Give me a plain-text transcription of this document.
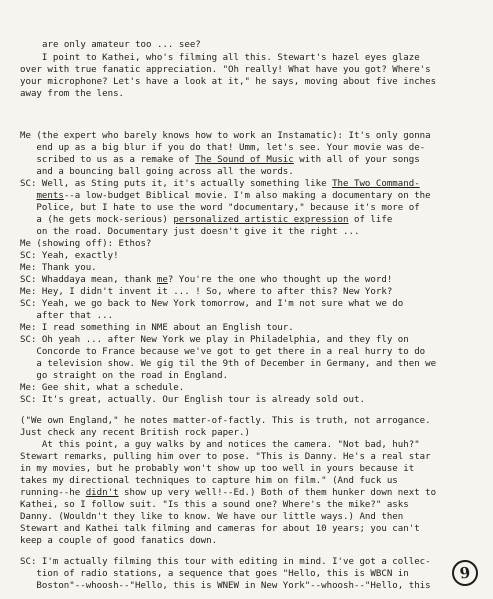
are only amateur too ... see?
I point to Kathei, who's filming all this. Stewart's hazel eyes glaze
over with true fanatic appreciation. "Oh really! What have you got? Where's
your microphone? Let's have a look at it," he says, moving about five inches
away from the lens.
Me (the expert who barely knows how to work an Instamatic): It's only gonna
end up as a big blur if you do that! Umm, let's see. Your movie was de-
scribed to us as a remake of The Sound of Music with all of your songs
and a bouncing ball going across all the words.
SC: Well, as Sting puts it, it's actually something like The Two Command-
ments--a low-budget Biblical movie. I'm also making a documentary on the
Police, but I hate to use the word "documentary," because it's more of
a (he gets mock-serious) personalized artistic expression of life
on the road. Documentary just doesn't give it the right ...
Me (showing off): Ethos?
SC: Yeah, exactly!
Me: Thank you.
SC: Whaddaya mean, thank me? You're the one who thought up the word!
Me: Hey, I didn't invent it ... ! So, where to after this? New York?
SC: Yeah, we go back to New York tomorrow, and I'm not sure what we do
after that ...
Me: I read something in NME about an English tour.
SC: Oh yeah ... after New York we play in Philadelphia, and they fly on
Concorde to France because we've got to get there in a real hurry to do
a television show. We gig til the 9th of December in Germany, and then we
go straight on the road in England.
Me: Gee shit, what a schedule.
SC: It's great, actually. Our English tour is already sold out.
("We own England," he notes matter-of-factly. This is truth, not arrogance.
Just check any recent British rock paper.)
At this point, a guy walks by and notices the camera. "Not bad, huh?"
Stewart remarks, pulling him over to pose. "This is Danny. He's a real star
in my movies, but he probably won't show up too well in yours because it
takes my directional techniques to capture him on film." (And fuck us
running--he didn't show up very well!--Ed.) Both of them hunker down next to
Kathei, so I follow suit. "Is this a sound one? Where's the mike?" asks
Danny. (Wouldn't they like to know. We have our little ways.) And then
Stewart and Kathei talk filming and cameras for about 10 years; you can't
keep a couple of good fanatics down.
SC: I'm actually filming this tour with editing in mind. I've got a collec-
tion of radio stations, a sequence that goes "Hello, this is WBCN in
Boston"--whoosh--"Hello, this is WNEW in New York"--whoosh--"Hello, this
9
